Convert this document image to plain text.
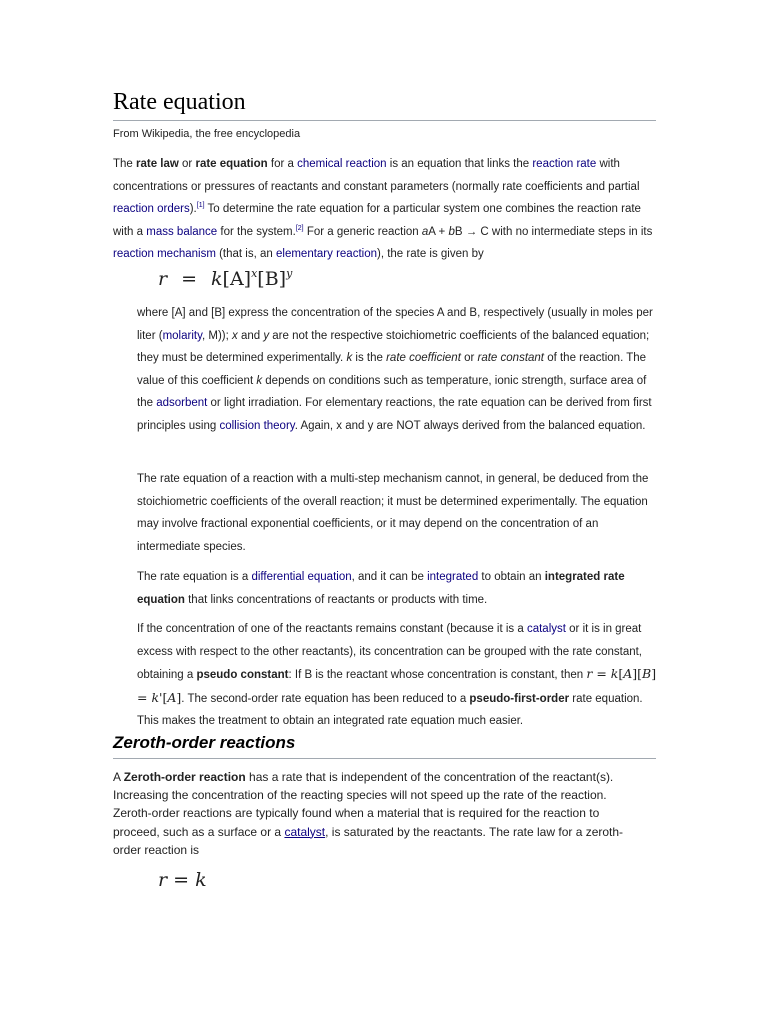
Rate equation

From Wikipedia, the free encyclopedia

The rate law or rate equation for a chemical reaction is an equation that links the reaction rate with concentrations or pressures of reactants and constant parameters (normally rate coefficients and partial reaction orders).[1] To determine the rate equation for a particular system one combines the reaction rate with a mass balance for the system.[2] For a generic reaction aA + bB → C with no intermediate steps in its reaction mechanism (that is, an elementary reaction), the rate is given by

$r = k[A]^x[B]^y$

where [A] and [B] express the concentration of the species A and B, respectively (usually in moles per liter (molarity, M)); x and y are not the respective stoichiometric coefficients of the balanced equation; they must be determined experimentally. k is the rate coefficient or rate constant of the reaction. The value of this coefficient k depends on conditions such as temperature, ionic strength, surface area of the adsorbent or light irradiation. For elementary reactions, the rate equation can be derived from first principles using collision theory. Again, x and y are NOT always derived from the balanced equation.

The rate equation of a reaction with a multi-step mechanism cannot, in general, be deduced from the stoichiometric coefficients of the overall reaction; it must be determined experimentally. The equation may involve fractional exponential coefficients, or it may depend on the concentration of an intermediate species.

The rate equation is a differential equation, and it can be integrated to obtain an integrated rate equation that links concentrations of reactants or products with time.

If the concentration of one of the reactants remains constant (because it is a catalyst or it is in great excess with respect to the other reactants), its concentration can be grouped with the rate constant, obtaining a pseudo constant: If B is the reactant whose concentration is constant, then r = k[A][B] = k'[A]. The second-order rate equation has been reduced to a pseudo-first-order rate equation. This makes the treatment to obtain an integrated rate equation much easier.

Zeroth-order reactions

A Zeroth-order reaction has a rate that is independent of the concentration of the reactant(s). Increasing the concentration of the reacting species will not speed up the rate of the reaction. Zeroth-order reactions are typically found when a material that is required for the reaction to proceed, such as a surface or a catalyst, is saturated by the reactants. The rate law for a zeroth-order reaction is

r = k
